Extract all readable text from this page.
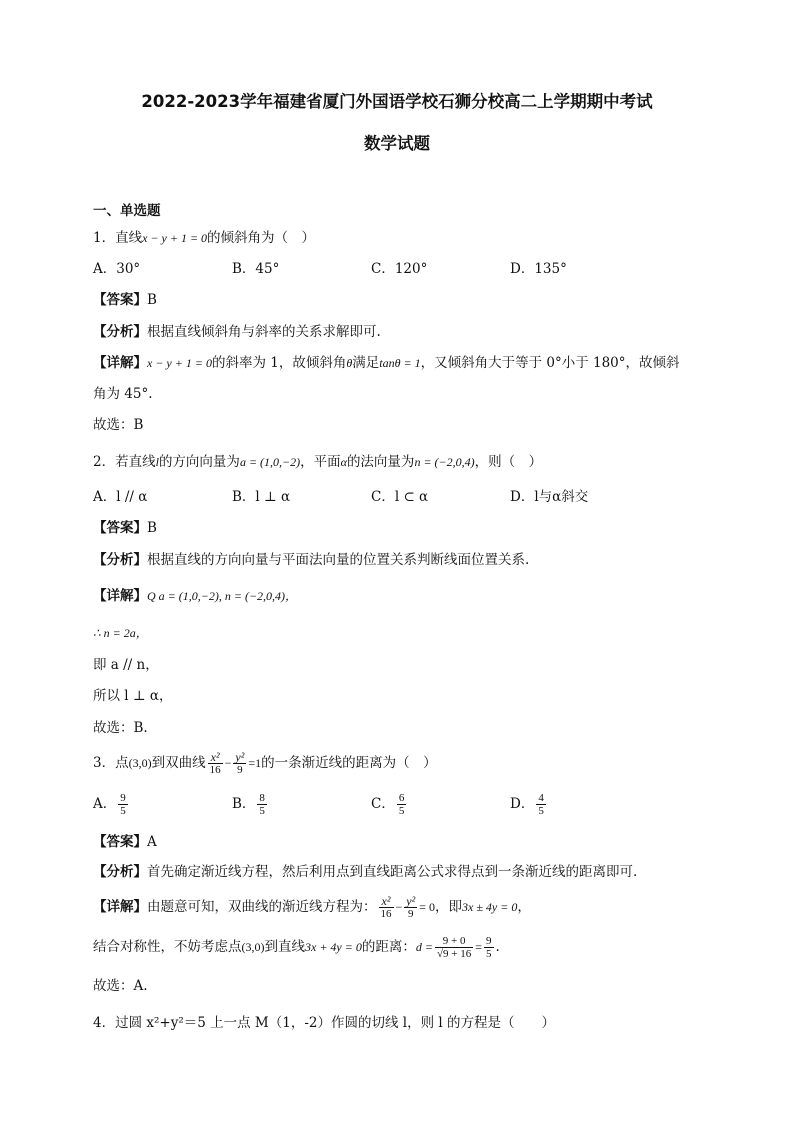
2022-2023学年福建省厦门外国语学校石狮分校高二上学期期中考试
数学试题
一、单选题
1．直线x − y + 1 = 0的倾斜角为（　）
A．30°	B．45°	C．120°	D．135°
【答案】B
【分析】根据直线倾斜角与斜率的关系求解即可.
【详解】x − y + 1 = 0的斜率为 1，故倾斜角θ满足tanθ = 1，又倾斜角大于等于 0°小于 180°，故倾斜
角为 45°.
故选：B
2．若直线l的方向向量为a = (1,0,−2)，平面α的法向量为n = (−2,0,4)，则（　）
A．l // α	B．l ⊥ α	C．l ⊂ α	D．l与α斜交
【答案】B
【分析】根据直线的方向向量与平面法向量的位置关系判断线面位置关系.
【详解】Q a = (1,0,−2), n = (−2,0,4)，
∴ n = 2a，
即 a // n，
所以 l ⊥ α，
故选：B.
3．点(3,0)到双曲线 $\frac{\text{x²}}{16} - \frac{\text{y²}}{9} =1$的一条渐近线的距离为（　）
A． $\frac{9}{5}$	B． $\frac{8}{5}$	C． $\frac{6}{5}$	D． $\frac{4}{5}$
【答案】A
【分析】首先确定渐近线方程，然后利用点到直线距离公式求得点到一条渐近线的距离即可.
【详解】由题意可知，双曲线的渐近线方程为： $\frac{\text{x²}}{16} - \frac{\text{y²}}{9} = 0$，即3x ± 4y = 0，
结合对称性，不妨考虑点(3,0)到直线3x + 4y = 0的距离：$d = \frac{9 + 0}{√9 + 16} = \frac{9}{5}$ .
故选：A.
4．过圆 x²+y²＝5 上一点 M（1，-2）作圆的切线 l，则 l 的方程是（　　）
